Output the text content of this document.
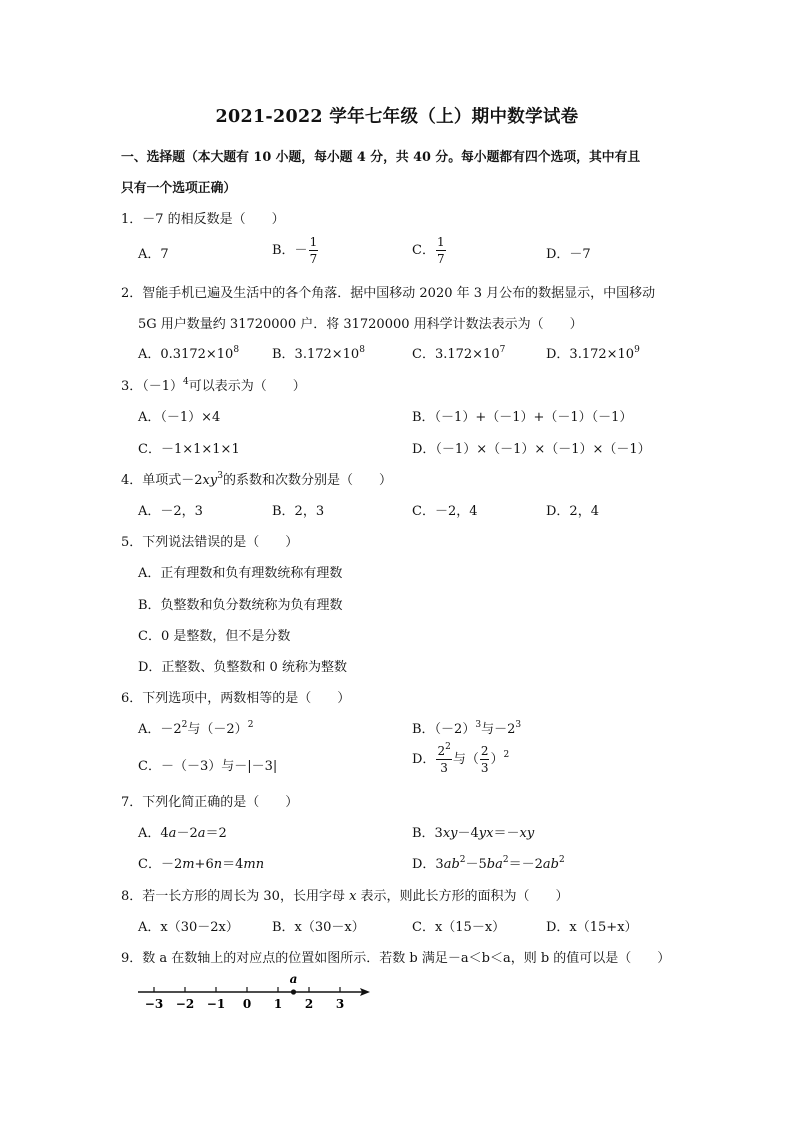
2021-2022 学年七年级（上）期中数学试卷
一、选择题（本大题有 10 小题，每小题 4 分，共 40 分。每小题都有四个选项，其中有且
只有一个选项正确）
1．－7 的相反数是（　　）
A．7	B．－ $\frac{1}{7}$	C． $\frac{1}{7}$	D．－7
2．智能手机已遍及生活中的各个角落．据中国移动 2020 年 3 月公布的数据显示，中国移动
5G 用户数量约 31720000 户．将 31720000 用科学计数法表示为（　　）
A．$0.3172\times 10^8$	B．$3.172\times 10^8$	C．$3.172\times 10^7$	D．$3.172\times 10^9$
3．$(-1)^4$可以表示为（　　）
A．（－1）×4	B．（－1）+（－1）+（－1）（－1）
C．－1×1×1×1	D．（－1）×（－1）×（－1）×（－1）
4．单项式$-2xy^3$的系数和次数分别是（　　）
A．－2，3	B．2，3	C．－2，4	D．2，4
5．下列说法错误的是（　　）
A．正有理数和负有理数统称有理数
B．负整数和负分数统称为负有理数
C．0 是整数，但不是分数
D．正整数、负整数和 0 统称为整数
6．下列选项中，两数相等的是（　　）
A．$-2^2$与$(-2)^2$	B．$(-2)^3$与$-2^3$
C．－（－3）与－|－3|	D． $\frac{2^2}{3}$ 与（ $\frac{2}{3} )^2$
7．下列化简正确的是（　　）
A．4a－2a＝2	B．3xy－4yx＝－xy
C．－2m+6n＝4mn	D．$3ab^2-5ba^2=-2ab^2$
8．若一长方形的周长为 30，长用字母 x 表示，则此长方形的面积为（　　）
A．x（30－2x）	B．x（30－x）	C．x（15－x）	D．x（15+x）
9．数 a 在数轴上的对应点的位置如图所示．若数 b 满足－a＜b＜a，则 b 的值可以是（　　）
−3 −2 −1 0 1 2 3
a
